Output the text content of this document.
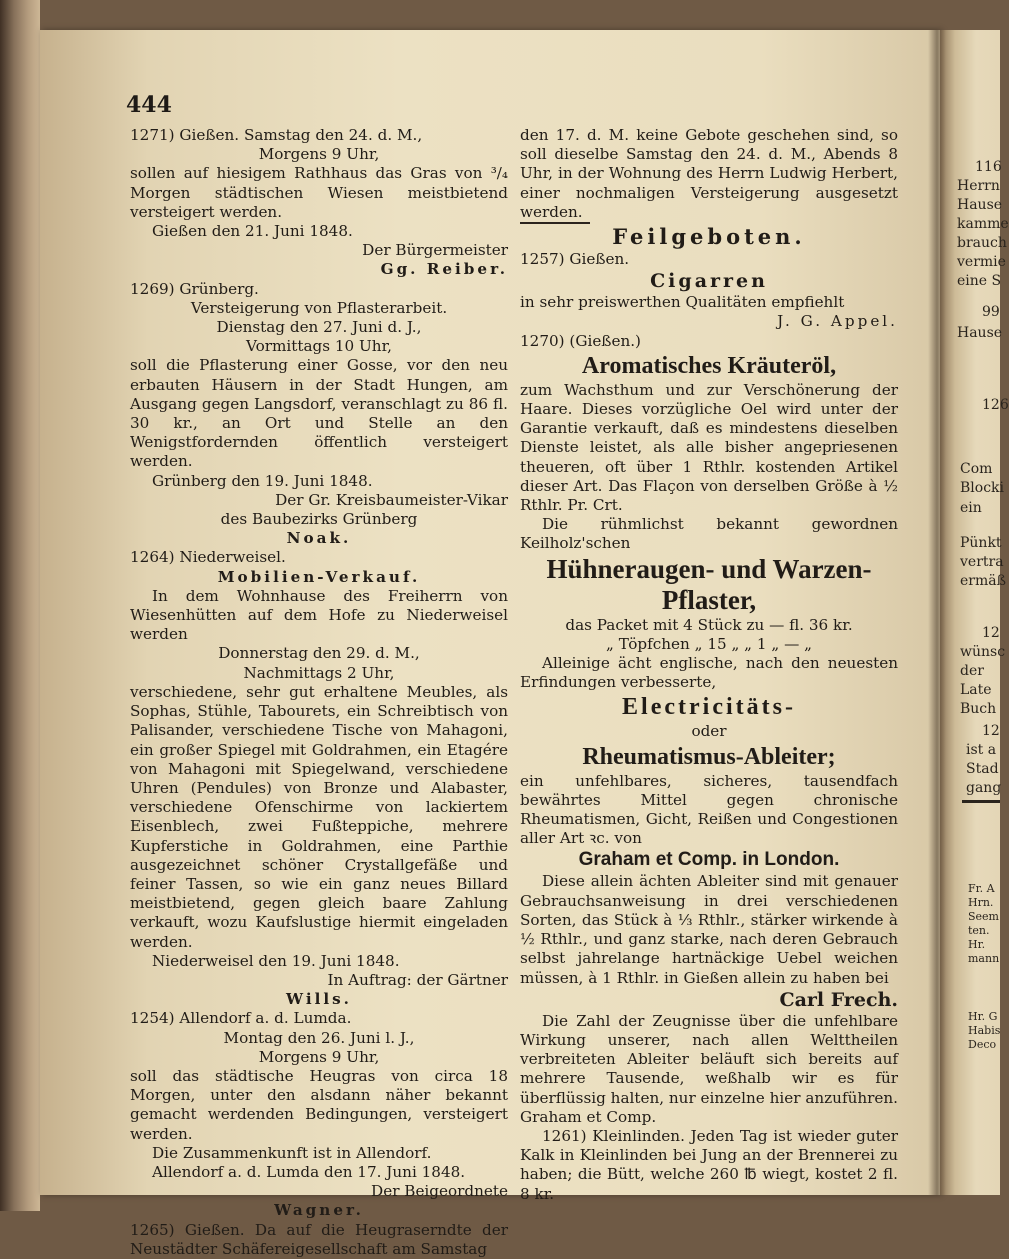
444

1271) Gießen. Samstag den 24. d. M.,

Morgens 9 Uhr,

sollen auf hiesigem Rathhaus das Gras von ³/₄ Morgen städtischen Wiesen meistbietend versteigert werden.

Gießen den 21. Juni 1848.

Der Bürgermeister

Gg. Reiber.

1269) Grünberg.

Versteigerung von Pflasterarbeit.

Dienstag den 27. Juni d. J.,

Vormittags 10 Uhr,

soll die Pflasterung einer Gosse, vor den neu erbauten Häusern in der Stadt Hungen, am Ausgang gegen Langsdorf, veranschlagt zu 86 fl. 30 kr., an Ort und Stelle an den Wenigstfordernden öffentlich versteigert werden.

Grünberg den 19. Juni 1848.

Der Gr. Kreisbaumeister-Vikar

des Baubezirks Grünberg

Noak.

1264) Niederweisel.

Mobilien-Verkauf.

In dem Wohnhause des Freiherrn von Wiesenhütten auf dem Hofe zu Niederweisel werden

Donnerstag den 29. d. M.,

Nachmittags 2 Uhr,

verschiedene, sehr gut erhaltene Meubles, als Sophas, Stühle, Tabourets, ein Schreibtisch von Palisander, verschiedene Tische von Mahagoni, ein großer Spiegel mit Goldrahmen, ein Etagére von Mahagoni mit Spiegelwand, verschiedene Uhren (Pendules) von Bronze und Alabaster, verschiedene Ofenschirme von lackiertem Eisenblech, zwei Fußteppiche, mehrere Kupferstiche in Goldrahmen, eine Parthie ausgezeichnet schöner Crystallgefäße und feiner Tassen, so wie ein ganz neues Billard meistbietend, gegen gleich baare Zahlung verkauft, wozu Kaufslustige hiermit eingeladen werden.

Niederweisel den 19. Juni 1848.

In Auftrag: der Gärtner

Wills.

1254) Allendorf a. d. Lumda.

Montag den 26. Juni l. J.,

Morgens 9 Uhr,

soll das städtische Heugras von circa 18 Morgen, unter den alsdann näher bekannt gemacht werdenden Bedingungen, versteigert werden.

Die Zusammenkunft ist in Allendorf.

Allendorf a. d. Lumda den 17. Juni 1848.

Der Beigeordnete

Wagner.

1265) Gießen. Da auf die Heugraserndte der Neustädter Schäfereigesellschaft am Samstag

den 17. d. M. keine Gebote geschehen sind, so soll dieselbe Samstag den 24. d. M., Abends 8 Uhr, in der Wohnung des Herrn Ludwig Herbert, einer nochmaligen Versteigerung ausgesetzt werden.

Feilgeboten.

1257) Gießen.

Cigarren

in sehr preiswerthen Qualitäten empfiehlt

J. G. Appel.

1270) (Gießen.)

Aromatisches Kräuteröl,

zum Wachsthum und zur Verschönerung der Haare. Dieses vorzügliche Oel wird unter der Garantie verkauft, daß es mindestens dieselben Dienste leistet, als alle bisher angepriesenen theueren, oft über 1 Rthlr. kostenden Artikel dieser Art. Das Flaçon von derselben Größe à ½ Rthlr. Pr. Crt.

Die rühmlichst bekannt gewordnen Keilholz'schen

Hühneraugen- und Warzen-

Pflaster,

das Packet mit 4 Stück zu — fl. 36 kr.

„ Töpfchen „ 15 „ „ 1 „ — „

Alleinige ächt englische, nach den neuesten Erfindungen verbesserte,

Electricitäts-

oder

Rheumatismus-Ableiter;

ein unfehlbares, sicheres, tausendfach bewährtes Mittel gegen chronische Rheumatismen, Gicht, Reißen und Congestionen aller Art ꝛc. von

Graham et Comp. in London.

Diese allein ächten Ableiter sind mit genauer Gebrauchsanweisung in drei verschiedenen Sorten, das Stück à ⅓ Rthlr., stärker wirkende à ½ Rthlr., und ganz starke, nach deren Gebrauch selbst jahrelange hartnäckige Uebel weichen müssen, à 1 Rthlr. in Gießen allein zu haben bei

Carl Frech.

Die Zahl der Zeugnisse über die unfehlbare Wirkung unserer, nach allen Welttheilen verbreiteten Ableiter beläuft sich bereits auf mehrere Tausende, weßhalb wir es für überflüssig halten, nur einzelne hier anzuführen. Graham et Comp.

1261) Kleinlinden. Jeden Tag ist wieder guter Kalk in Kleinlinden bei Jung an der Brennerei zu haben; die Bütt, welche 260 ℔ wiegt, kostet 2 fl. 8 kr.

116
Herrn
Hause
kamme
brauch
vermie
eine S
99
Hause
126
Com
Blocki
ein
Pünkt
vertra
ermäß
12
wünsc
der
Late
Buch
12
ist a
Stad
gang
Fr. A
Hrn.
Seem
ten.
Hr.
mann
Hr. G
Habis
Deco
